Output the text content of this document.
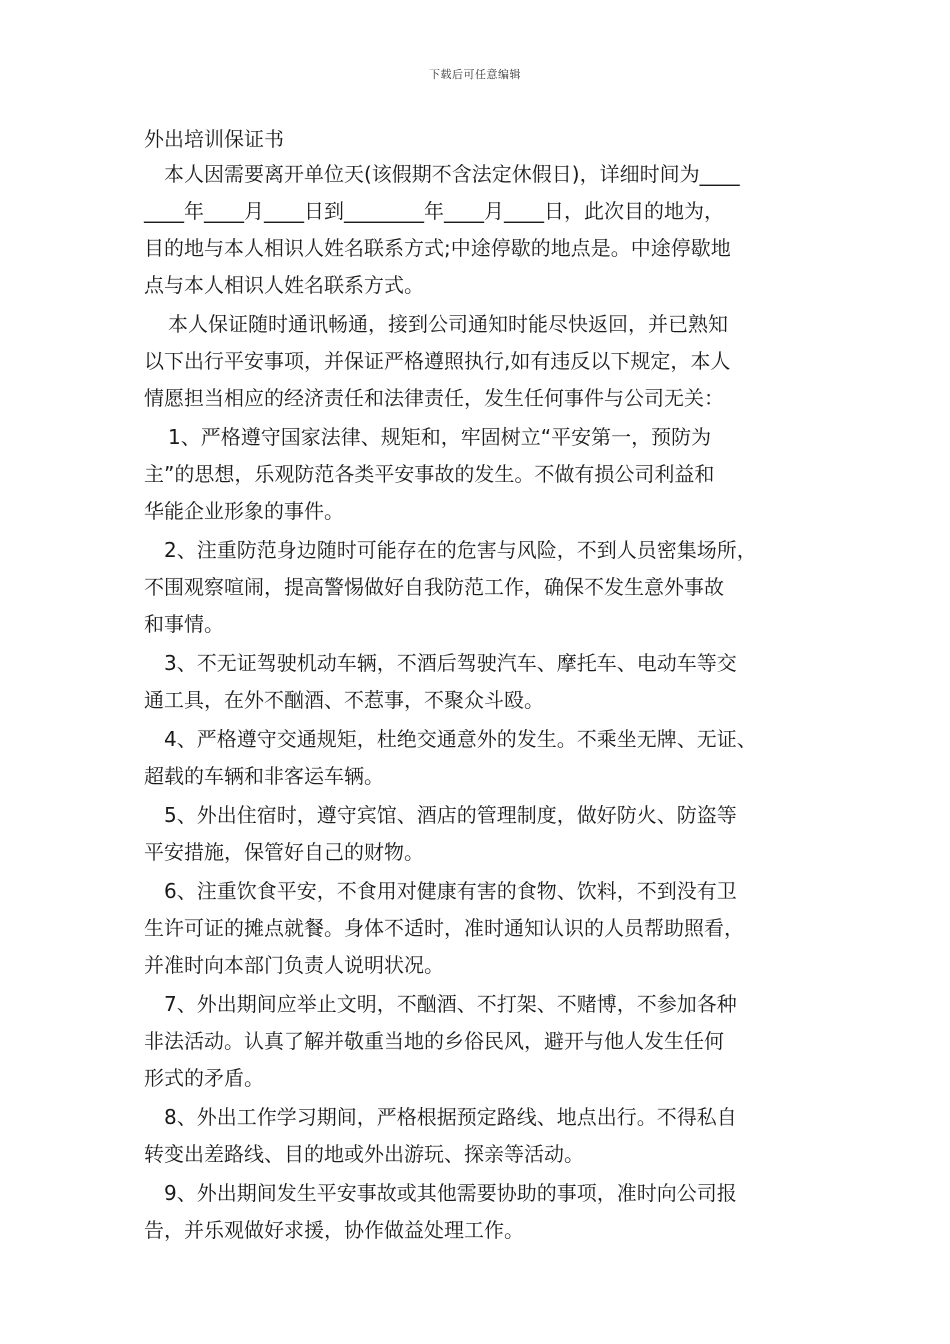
下载后可任意编辑
外出培训保证书
本人因需要离开单位天(该假期不含法定休假日)，详细时间为____
____年____月____日到________年____月____日，此次目的地为，
目的地与本人相识人姓名联系方式;中途停歇的地点是。中途停歇地
点与本人相识人姓名联系方式。
本人保证随时通讯畅通，接到公司通知时能尽快返回，并已熟知
以下出行平安事项，并保证严格遵照执行,如有违反以下规定，本人
情愿担当相应的经济责任和法律责任，发生任何事件与公司无关：
1、严格遵守国家法律、规矩和，牢固树立“平安第一，预防为
主”的思想，乐观防范各类平安事故的发生。不做有损公司利益和
华能企业形象的事件。
2、注重防范身边随时可能存在的危害与风险，不到人员密集场所，
不围观察喧闹，提高警惕做好自我防范工作，确保不发生意外事故
和事情。
3、不无证驾驶机动车辆，不酒后驾驶汽车、摩托车、电动车等交
通工具，在外不酗酒、不惹事，不聚众斗殴。
4、严格遵守交通规矩，杜绝交通意外的发生。不乘坐无牌、无证、
超载的车辆和非客运车辆。
5、外出住宿时，遵守宾馆、酒店的管理制度，做好防火、防盗等
平安措施，保管好自己的财物。
6、注重饮食平安，不食用对健康有害的食物、饮料，不到没有卫
生许可证的摊点就餐。身体不适时，准时通知认识的人员帮助照看，
并准时向本部门负责人说明状况。
7、外出期间应举止文明，不酗酒、不打架、不赌博，不参加各种
非法活动。认真了解并敬重当地的乡俗民风，避开与他人发生任何
形式的矛盾。
8、外出工作学习期间，严格根据预定路线、地点出行。不得私自
转变出差路线、目的地或外出游玩、探亲等活动。
9、外出期间发生平安事故或其他需要协助的事项，准时向公司报
告，并乐观做好求援，协作做益处理工作。
